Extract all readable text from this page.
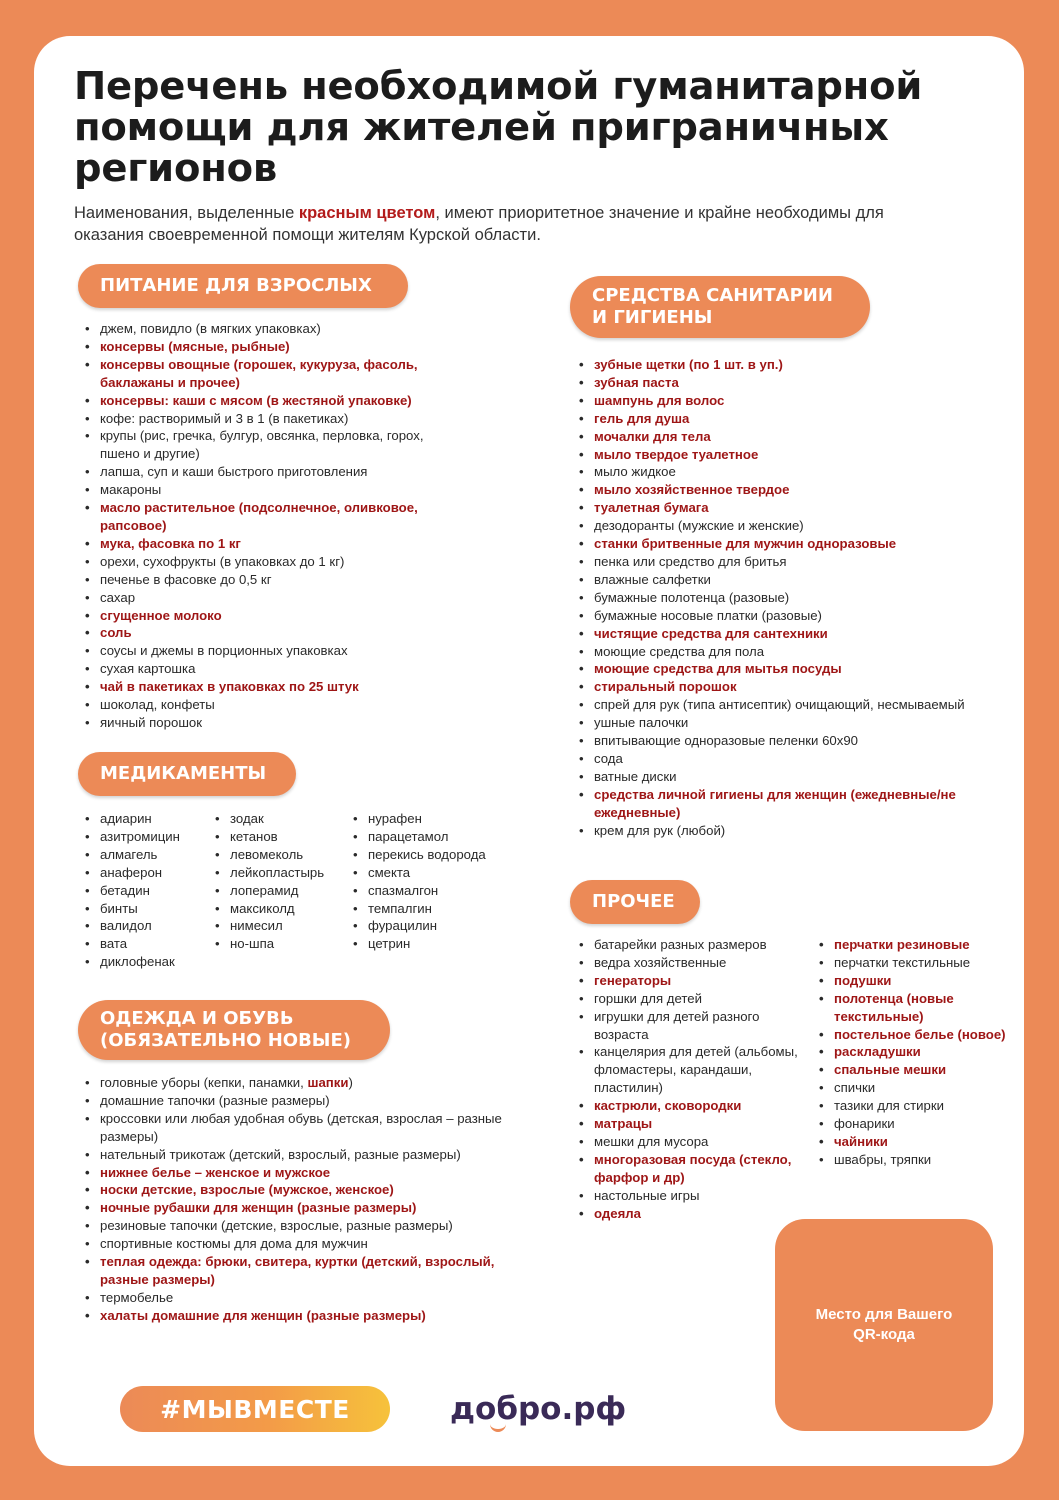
Перечень необходимой гуманитарной помощи для жителей приграничных регионов

Наименования, выделенные красным цветом, имеют приоритетное значение и крайне необходимы для оказания своевременной помощи жителям Курской области.

ПИТАНИЕ ДЛЯ ВЗРОСЛЫХ
• джем, повидло (в мягких упаковках)
• консервы (мясные, рыбные)
• консервы овощные (горошек, кукуруза, фасоль, баклажаны и прочее)
• консервы: каши с мясом (в жестяной упаковке)
• кофе: растворимый и 3 в 1 (в пакетиках)
• крупы (рис, гречка, булгур, овсянка, перловка, горох, пшено и другие)
• лапша, суп и каши быстрого приготовления
• макароны
• масло растительное (подсолнечное, оливковое, рапсовое)
• мука, фасовка по 1 кг
• орехи, сухофрукты (в упаковках до 1 кг)
• печенье в фасовке до 0,5 кг
• сахар
• сгущенное молоко
• соль
• соусы и джемы в порционных упаковках
• сухая картошка
• чай в пакетиках в упаковках по 25 штук
• шоколад, конфеты
• яичный порошок
МЕДИКАМЕНТЫ
• адиарин
• азитромицин
• алмагель
• анаферон
• бетадин
• бинты
• валидол
• вата
• диклофенак
• зодак
• кетанов
• левомеколь
• лейкопластырь
• лоперамид
• максиколд
• нимесил
• но-шпа
• нурафен
• парацетамол
• перекись водорода
• смекта
• спазмалгон
• темпалгин
• фурацилин
• цетрин
ОДЕЖДА И ОБУВЬ (ОБЯЗАТЕЛЬНО НОВЫЕ)
• головные уборы (кепки, панамки, шапки)
• домашние тапочки (разные размеры)
• кроссовки или любая удобная обувь (детская, взрослая – разные размеры)
• нательный трикотаж (детский, взрослый, разные размеры)
• нижнее белье – женское и мужское
• носки детские, взрослые (мужское, женское)
• ночные рубашки для женщин (разные размеры)
• резиновые тапочки (детские, взрослые, разные размеры)
• спортивные костюмы для дома для мужчин
• теплая одежда: брюки, свитера, куртки (детский, взрослый, разные размеры)
• термобелье
• халаты домашние для женщин (разные размеры)
СРЕДСТВА САНИТАРИИ И ГИГИЕНЫ
• зубные щетки (по 1 шт. в уп.)
• зубная паста
• шампунь для волос
• гель для душа
• мочалки для тела
• мыло твердое туалетное
• мыло жидкое
• мыло хозяйственное твердое
• туалетная бумага
• дезодоранты (мужские и женские)
• станки бритвенные для мужчин одноразовые
• пенка или средство для бритья
• влажные салфетки
• бумажные полотенца (разовые)
• бумажные носовые платки (разовые)
• чистящие средства для сантехники
• моющие средства для пола
• моющие средства для мытья посуды
• стиральный порошок
• спрей для рук (типа антисептик) очищающий, несмываемый
• ушные палочки
• впитывающие одноразовые пеленки 60х90
• сода
• ватные диски
• средства личной гигиены для женщин (ежедневные/не ежедневные)
• крем для рук (любой)
ПРОЧЕЕ
• батарейки разных размеров
• ведра хозяйственные
• генераторы
• горшки для детей
• игрушки для детей разного возраста
• канцелярия для детей (альбомы, фломастеры, карандаши, пластилин)
• кастрюли, сковородки
• матрацы
• мешки для мусора
• многоразовая посуда (стекло, фарфор и др)
• настольные игры
• одеяла
• перчатки резиновые
• перчатки текстильные
• подушки
• полотенца (новые текстильные)
• постельное белье (новое)
• раскладушки
• спальные мешки
• спички
• тазики для стирки
• фонарики
• чайники
• швабры, тряпки
Место для Вашего QR-кода
#МЫВМЕСТЕ	добро.рф
